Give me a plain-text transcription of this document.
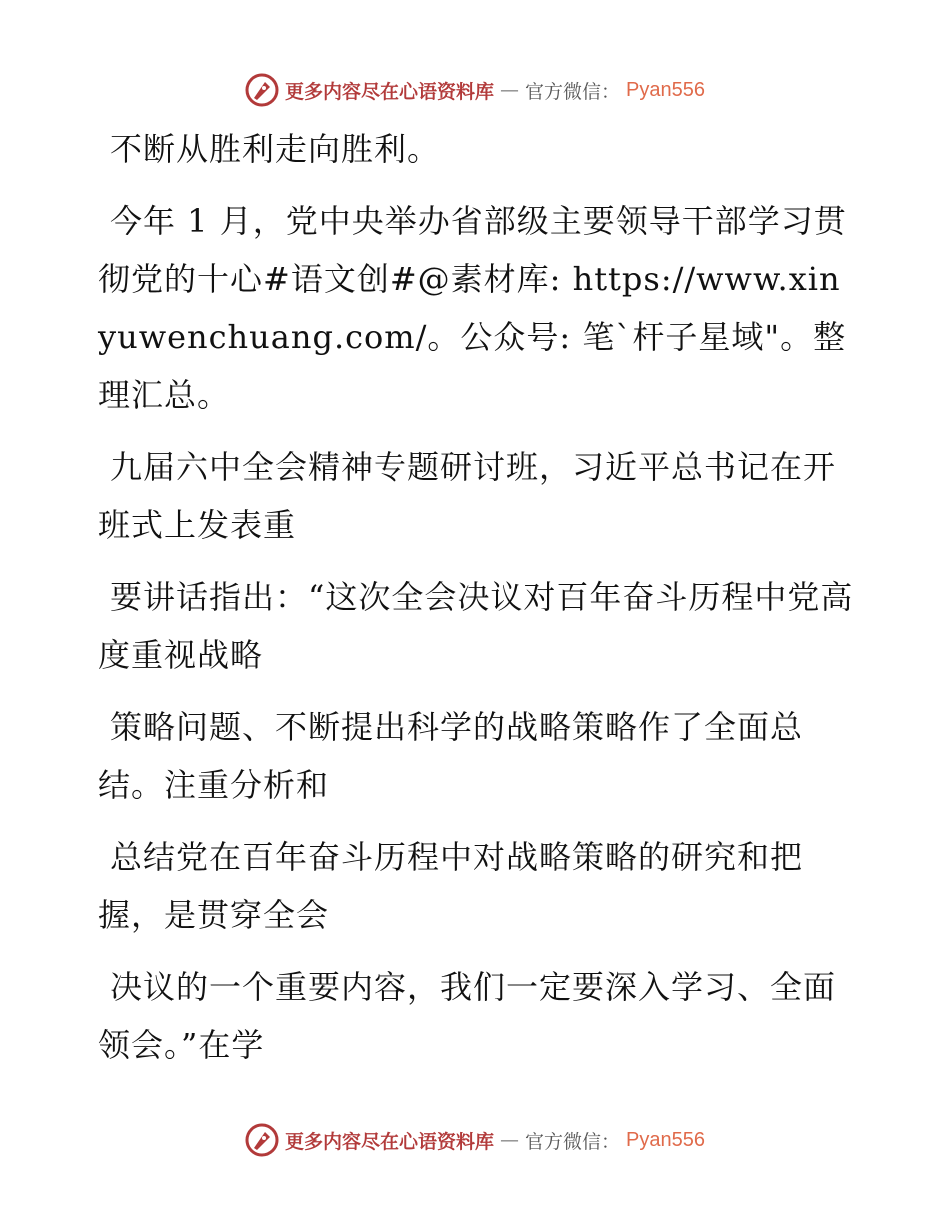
更多内容尽在心语资料库 — 官方微信： Pyan556

不断从胜利走向胜利。

今年 1 月，党中央举办省部级主要领导干部学习贯彻党的十心#语文创#@素材库: https://www.xinyuwenchuang.com/。公众号: 笔`杆子星域"。整理汇总。

九届六中全会精神专题研讨班，习近平总书记在开班式上发表重

要讲话指出：“这次全会决议对百年奋斗历程中党高度重视战略

策略问题、不断提出科学的战略策略作了全面总结。注重分析和

总结党在百年奋斗历程中对战略策略的研究和把握，是贯穿全会

决议的一个重要内容，我们一定要深入学习、全面领会。”在学

更多内容尽在心语资料库 — 官方微信： Pyan556
